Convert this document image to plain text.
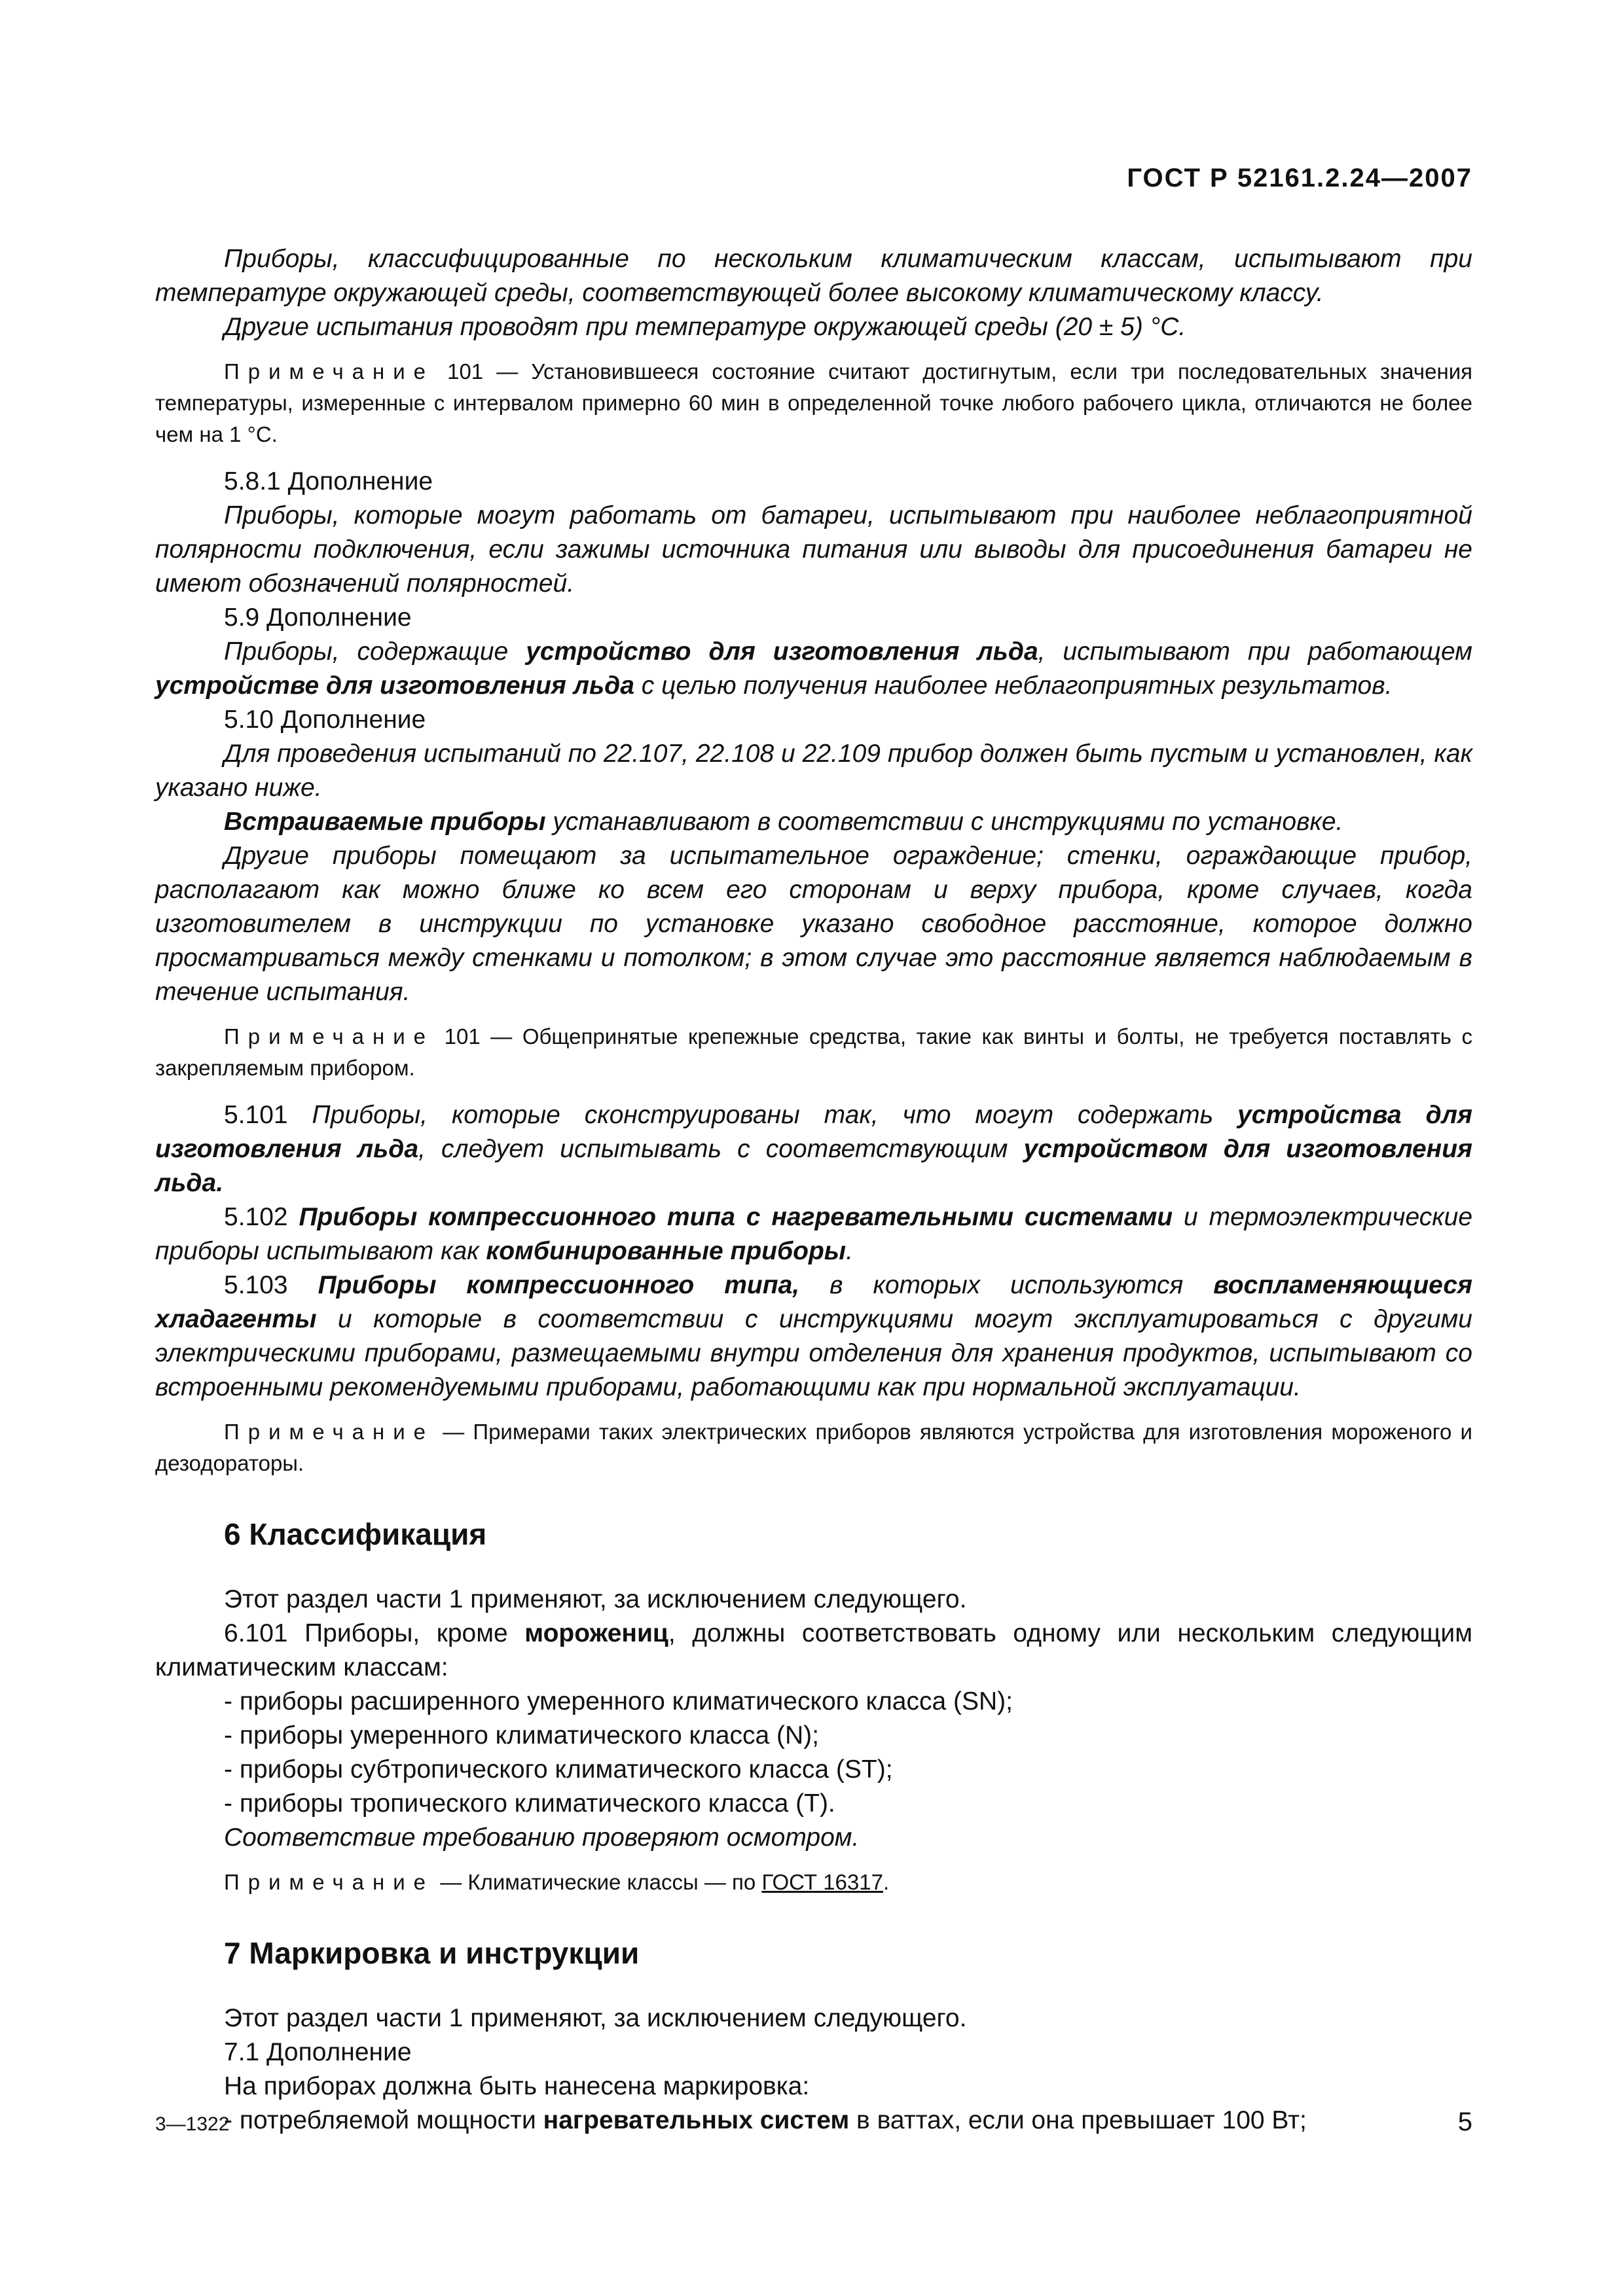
ГОСТ Р 52161.2.24—2007

Приборы, классифицированные по нескольким климатическим классам, испытывают при температуре окружающей среды, соответствующей более высокому климатическому классу.

Другие испытания проводят при температуре окружающей среды (20 ± 5) °С.

Примечание 101 — Установившееся состояние считают достигнутым, если три последовательных значения температуры, измеренные с интервалом примерно 60 мин в определенной точке любого рабочего цикла, отличаются не более чем на 1 °С.

5.8.1 Дополнение

Приборы, которые могут работать от батареи, испытывают при наиболее неблагоприятной полярности подключения, если зажимы источника питания или выводы для присоединения батареи не имеют обозначений полярностей.

5.9 Дополнение

Приборы, содержащие устройство для изготовления льда, испытывают при работающем устройстве для изготовления льда с целью получения наиболее неблагоприятных результатов.

5.10 Дополнение

Для проведения испытаний по 22.107, 22.108 и 22.109 прибор должен быть пустым и установлен, как указано ниже.

Встраиваемые приборы устанавливают в соответствии с инструкциями по установке.

Другие приборы помещают за испытательное ограждение; стенки, ограждающие прибор, располагают как можно ближе ко всем его сторонам и верху прибора, кроме случаев, когда изготовителем в инструкции по установке указано свободное расстояние, которое должно просматриваться между стенками и потолком; в этом случае это расстояние является наблюдаемым в течение испытания.

Примечание 101 — Общепринятые крепежные средства, такие как винты и болты, не требуется поставлять с закрепляемым прибором.

5.101 Приборы, которые сконструированы так, что могут содержать устройства для изготовления льда, следует испытывать с соответствующим устройством для изготовления льда.

5.102 Приборы компрессионного типа с нагревательными системами и термоэлектрические приборы испытывают как комбинированные приборы.

5.103 Приборы компрессионного типа, в которых используются воспламеняющиеся хладагенты и которые в соответствии с инструкциями могут эксплуатироваться с другими электрическими приборами, размещаемыми внутри отделения для хранения продуктов, испытывают со встроенными рекомендуемыми приборами, работающими как при нормальной эксплуатации.

Примечание — Примерами таких электрических приборов являются устройства для изготовления мороженого и дезодораторы.
6 Классификация

Этот раздел части 1 применяют, за исключением следующего.

6.101 Приборы, кроме морожениц, должны соответствовать одному или нескольким следующим климатическим классам:

- приборы расширенного умеренного климатического класса (SN);

- приборы умеренного климатического класса (N);

- приборы субтропического климатического класса (ST);

- приборы тропического климатического класса (Т).

Соответствие требованию проверяют осмотром.

Примечание — Климатические классы — по ГОСТ 16317.
7 Маркировка и инструкции

Этот раздел части 1 применяют, за исключением следующего.

7.1 Дополнение

На приборах должна быть нанесена маркировка:

- потребляемой мощности нагревательных систем в ваттах, если она превышает 100 Вт;

3—1322	5
